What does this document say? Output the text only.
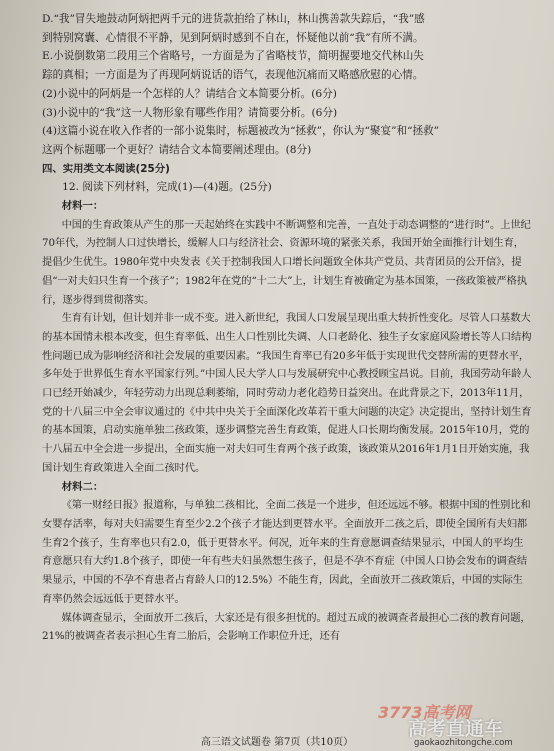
D.“我”冒失地鼓动阿炳把两千元的进货款拍给了林山，林山携善款失踪后，“我”感

到特别窝囊、心情很不平静，见到阿炳时感到不自在，怀疑他以前“我”有所不满。

E.小说倒数第二段用三个省略号，一方面是为了省略枝节，简明握要地交代林山失

踪的真相；一方面是为了再现阿炳说话的语气，表现他沉痛而又略感欣慰的心情。

(2)小说中的阿炳是一个怎样的人？请结合文本简要分析。(6分)

(3)小说中的“我”这一人物形象有哪些作用？请简要分析。(6分)

(4)这篇小说在收入作者的一部小说集时，标题被改为“拯救”，你认为“聚宴”和“拯救”

这两个标题哪一个更好？请结合文本简要阐述理由。(8分)

四、实用类文本阅读(25分)

12. 阅读下列材料，完成(1)—(4)题。(25分)

材料一：

中国的生育政策从产生的那一天起始终在实践中不断调整和完善，一直处于动态调整的“进行时”。上世纪70年代，为控制人口过快增长，缓解人口与经济社会、资源环境的紧张关系，我国开始全面推行计划生育，提倡少生优生。1980年党中央发表《关于控制我国人口增长问题致全体共产党员、共青团员的公开信》，提倡“一对夫妇只生育一个孩子”；1982年在党的“十二大”上，计划生育被确定为基本国策，一孩政策被严格执行，逐步得到贯彻落实。

生育有计划，但计划并非一成不变。进入新世纪，我国人口发展呈现出重大转折性变化。尽管人口基数大的基本国情未根本改变，但生育率低、出生人口性别比失调、人口老龄化、独生子女家庭风险增长等人口结构性问题已成为影响经济和社会发展的重要因素。“我国生育率已有20多年低于实现世代交替所需的更替水平，多年处于世界低生育水平国家行列。”中国人民大学人口与发展研究中心教授顾宝昌说。目前，我国劳动年龄人口已经开始减少，年轻劳动力出现总剩萎缩，同时劳动力老化趋势日益突出。在此背景之下，2013年11月，党的十八届三中全会审议通过的《中共中央关于全面深化改革若干重大问题的决定》决定提出，坚持计划生育的基本国策，启动实施单独二孩政策，逐步调整完善生育政策，促进人口长期均衡发展。2015年10月，党的十八届五中全会进一步提出，全面实施一对夫妇可生育两个孩子政策，该政策从2016年1月1日开始实施，我国计划生育政策进入全面二孩时代。

材料二：

《第一财经日报》报道称，与单独二孩相比，全面二孩是一个进步，但还远远不够。根据中国的性别比和女婴存活率，每对夫妇需要生育至少2.2个孩子才能达到更替水平。全面放开二孩之后，即使全国所有夫妇都生育2个孩子，生育率也只有2.0，低于更替水平。何况，近年来的生育意愿调查结果显示，中国人的平均生育意愿只有大约1.8个孩子，即使一年有些夫妇虽然想生孩子，但是不孕不育症（中国人口协会发布的调查结果显示，中国的不孕不育患者占育龄人口的12.5%）不能生育，因此，全面放开二孩政策后，中国的实际生育率仍然会远远低于更替水平。

媒体调查显示，全面放开二孩后，大家还是有很多担忧的。超过五成的被调查者最担心二孩的教育问题，21%的被调查者表示担心生育二胎后，会影响工作职位升迁，还有

高三语文试题卷 第7页（共10页）
3773高考网
高考直通车
gaokaozhitongche.com
